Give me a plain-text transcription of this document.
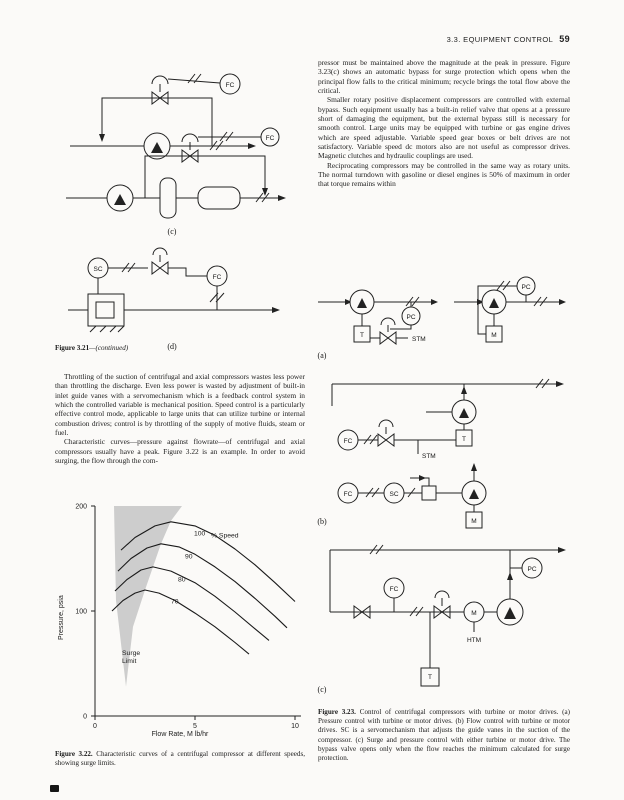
3.3. EQUIPMENT CONTROL 59
FC
FC
(c)
SC
FC
(d)
Figure 3.21—(continued)

Throttling of the suction of centrifugal and axial compressors wastes less power than throttling the discharge. Even less power is wasted by adjustment of built-in inlet guide vanes with a servomechanism which is a feedback control system in which the controlled variable is mechanical position. Speed control is a particularly effective control mode, applicable to large units that can utilize turbine or internal combustion drives; control is by throttling of the supply of motive fluids, steam or fuel.

Characteristic curves—pressure against flowrate—of centrifugal and axial compressors usually have a peak. Figure 3.22 is an example. In order to avoid surging, the flow through the com-

0
100
200
0	5	10
100
90
80
70
% Speed
Surge
Limit
Pressure, psia
Flow Rate, M lb/hr
Figure 3.22. Characteristic curves of a centrifugal compressor at different speeds, showing surge limits.

pressor must be maintained above the magnitude at the peak in pressure. Figure 3.23(c) shows an automatic bypass for surge protection which opens when the principal flow falls to the critical minimum; recycle brings the total flow above the critical.

Smaller rotary positive displacement compressors are controlled with external bypass. Such equipment usually has a built-in relief valve that opens at a pressure short of damaging the equipment, but the external bypass still is necessary for smooth control. Large units may be equipped with turbine or gas engine drives which are speed adjustable. Variable speed gear boxes or belt drives are not satisfactory. Variable speed dc motors also are not useful as compressor drives. Magnetic clutches and hydraulic couplings are used.

Reciprocating compressors may be controlled in the same way as rotary units. The normal turndown with gasoline or diesel engines is 50% of maximum in order that torque remains within

T	M
PC
PC
STM
(a)
T
M
FC
FC	SC
STM
(b)
M
FC
PC
T
HTM
(c)
Figure 3.23. Control of centrifugal compressors with turbine or motor drives. (a) Pressure control with turbine or motor drives. (b) Flow control with turbine or motor drives. SC is a servomechanism that adjusts the guide vanes in the suction of the compressor. (c) Surge and pressure control with either turbine or motor drive. The bypass valve opens only when the flow reaches the minimum calculated for surge protection.
